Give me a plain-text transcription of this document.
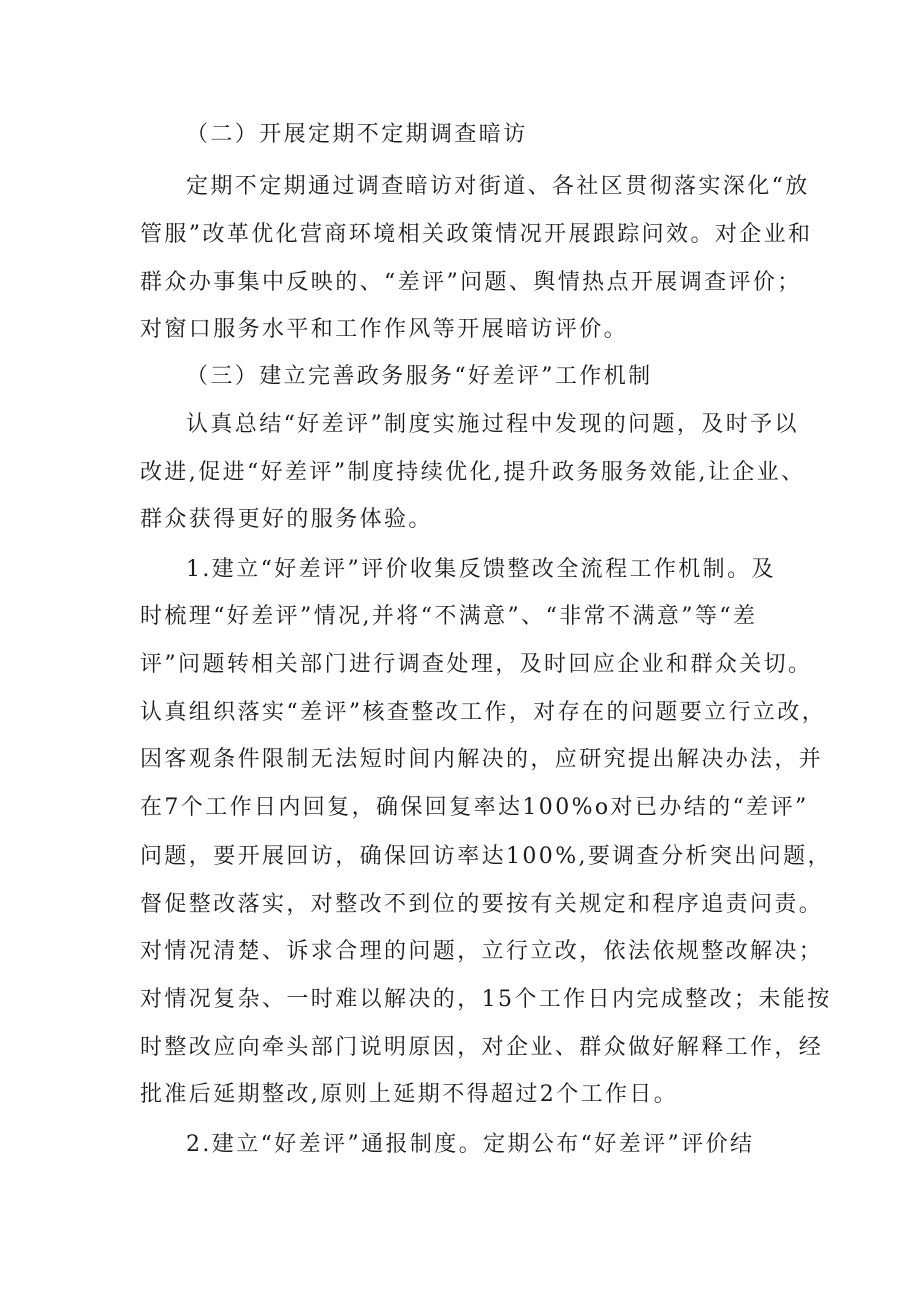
（二）开展定期不定期调查暗访
定期不定期通过调查暗访对街道、各社区贯彻落实深化“放
管服”改革优化营商环境相关政策情况开展跟踪问效。对企业和
群众办事集中反映的、“差评”问题、舆情热点开展调查评价；
对窗口服务水平和工作作风等开展暗访评价。
（三）建立完善政务服务“好差评”工作机制
认真总结“好差评”制度实施过程中发现的问题，及时予以
改进,促进“好差评”制度持续优化,提升政务服务效能,让企业、
群众获得更好的服务体验。
1.建立“好差评”评价收集反馈整改全流程工作机制。及
时梳理“好差评”情况,并将“不满意”、“非常不满意”等“差
评”问题转相关部门进行调查处理，及时回应企业和群众关切。
认真组织落实“差评”核查整改工作，对存在的问题要立行立改，
因客观条件限制无法短时间内解决的，应研究提出解决办法，并
在7个工作日内回复，确保回复率达100%o对已办结的“差评”
问题，要开展回访，确保回访率达100%,要调查分析突出问题，
督促整改落实，对整改不到位的要按有关规定和程序追责问责。
对情况清楚、诉求合理的问题，立行立改，依法依规整改解决；
对情况复杂、一时难以解决的，15个工作日内完成整改；未能按
时整改应向牵头部门说明原因，对企业、群众做好解释工作，经
批准后延期整改,原则上延期不得超过2个工作日。
2.建立“好差评”通报制度。定期公布“好差评”评价结
